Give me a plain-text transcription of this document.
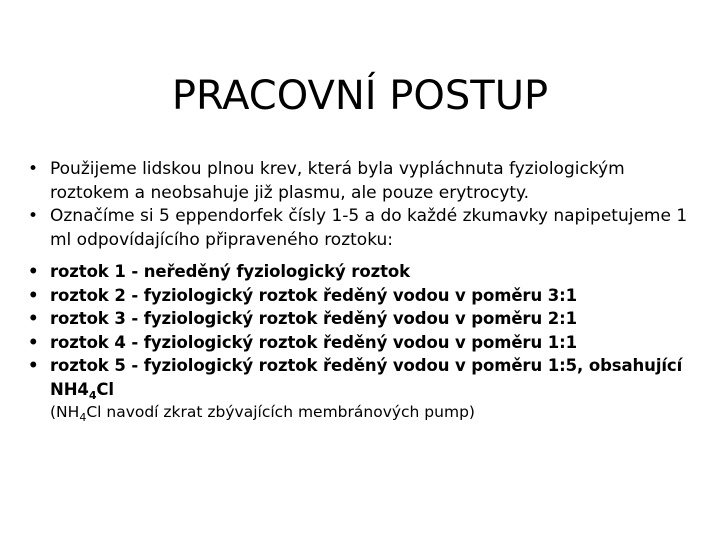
PRACOVNÍ POSTUP
• Použijeme lidskou plnou krev, která byla vypláchnuta fyziologickým roztokem a neobsahuje již plasmu, ale pouze erytrocyty.
• Označíme si 5 eppendorfek čísly 1-5 a do každé zkumavky napipetujeme 1 ml odpovídajícího připraveného roztoku:
• roztok 1 - neředěný fyziologický roztok
• roztok 2 - fyziologický roztok ředěný vodou v poměru 3:1
• roztok 3 - fyziologický roztok ředěný vodou v poměru 2:1
• roztok 4 - fyziologický roztok ředěný vodou v poměru 1:1
• roztok 5 - fyziologický roztok ředěný vodou v poměru 1:5, obsahující $NH4_4Cl$
($NH_4Cl$ navodí zkrat zbývajících membránových pump)
